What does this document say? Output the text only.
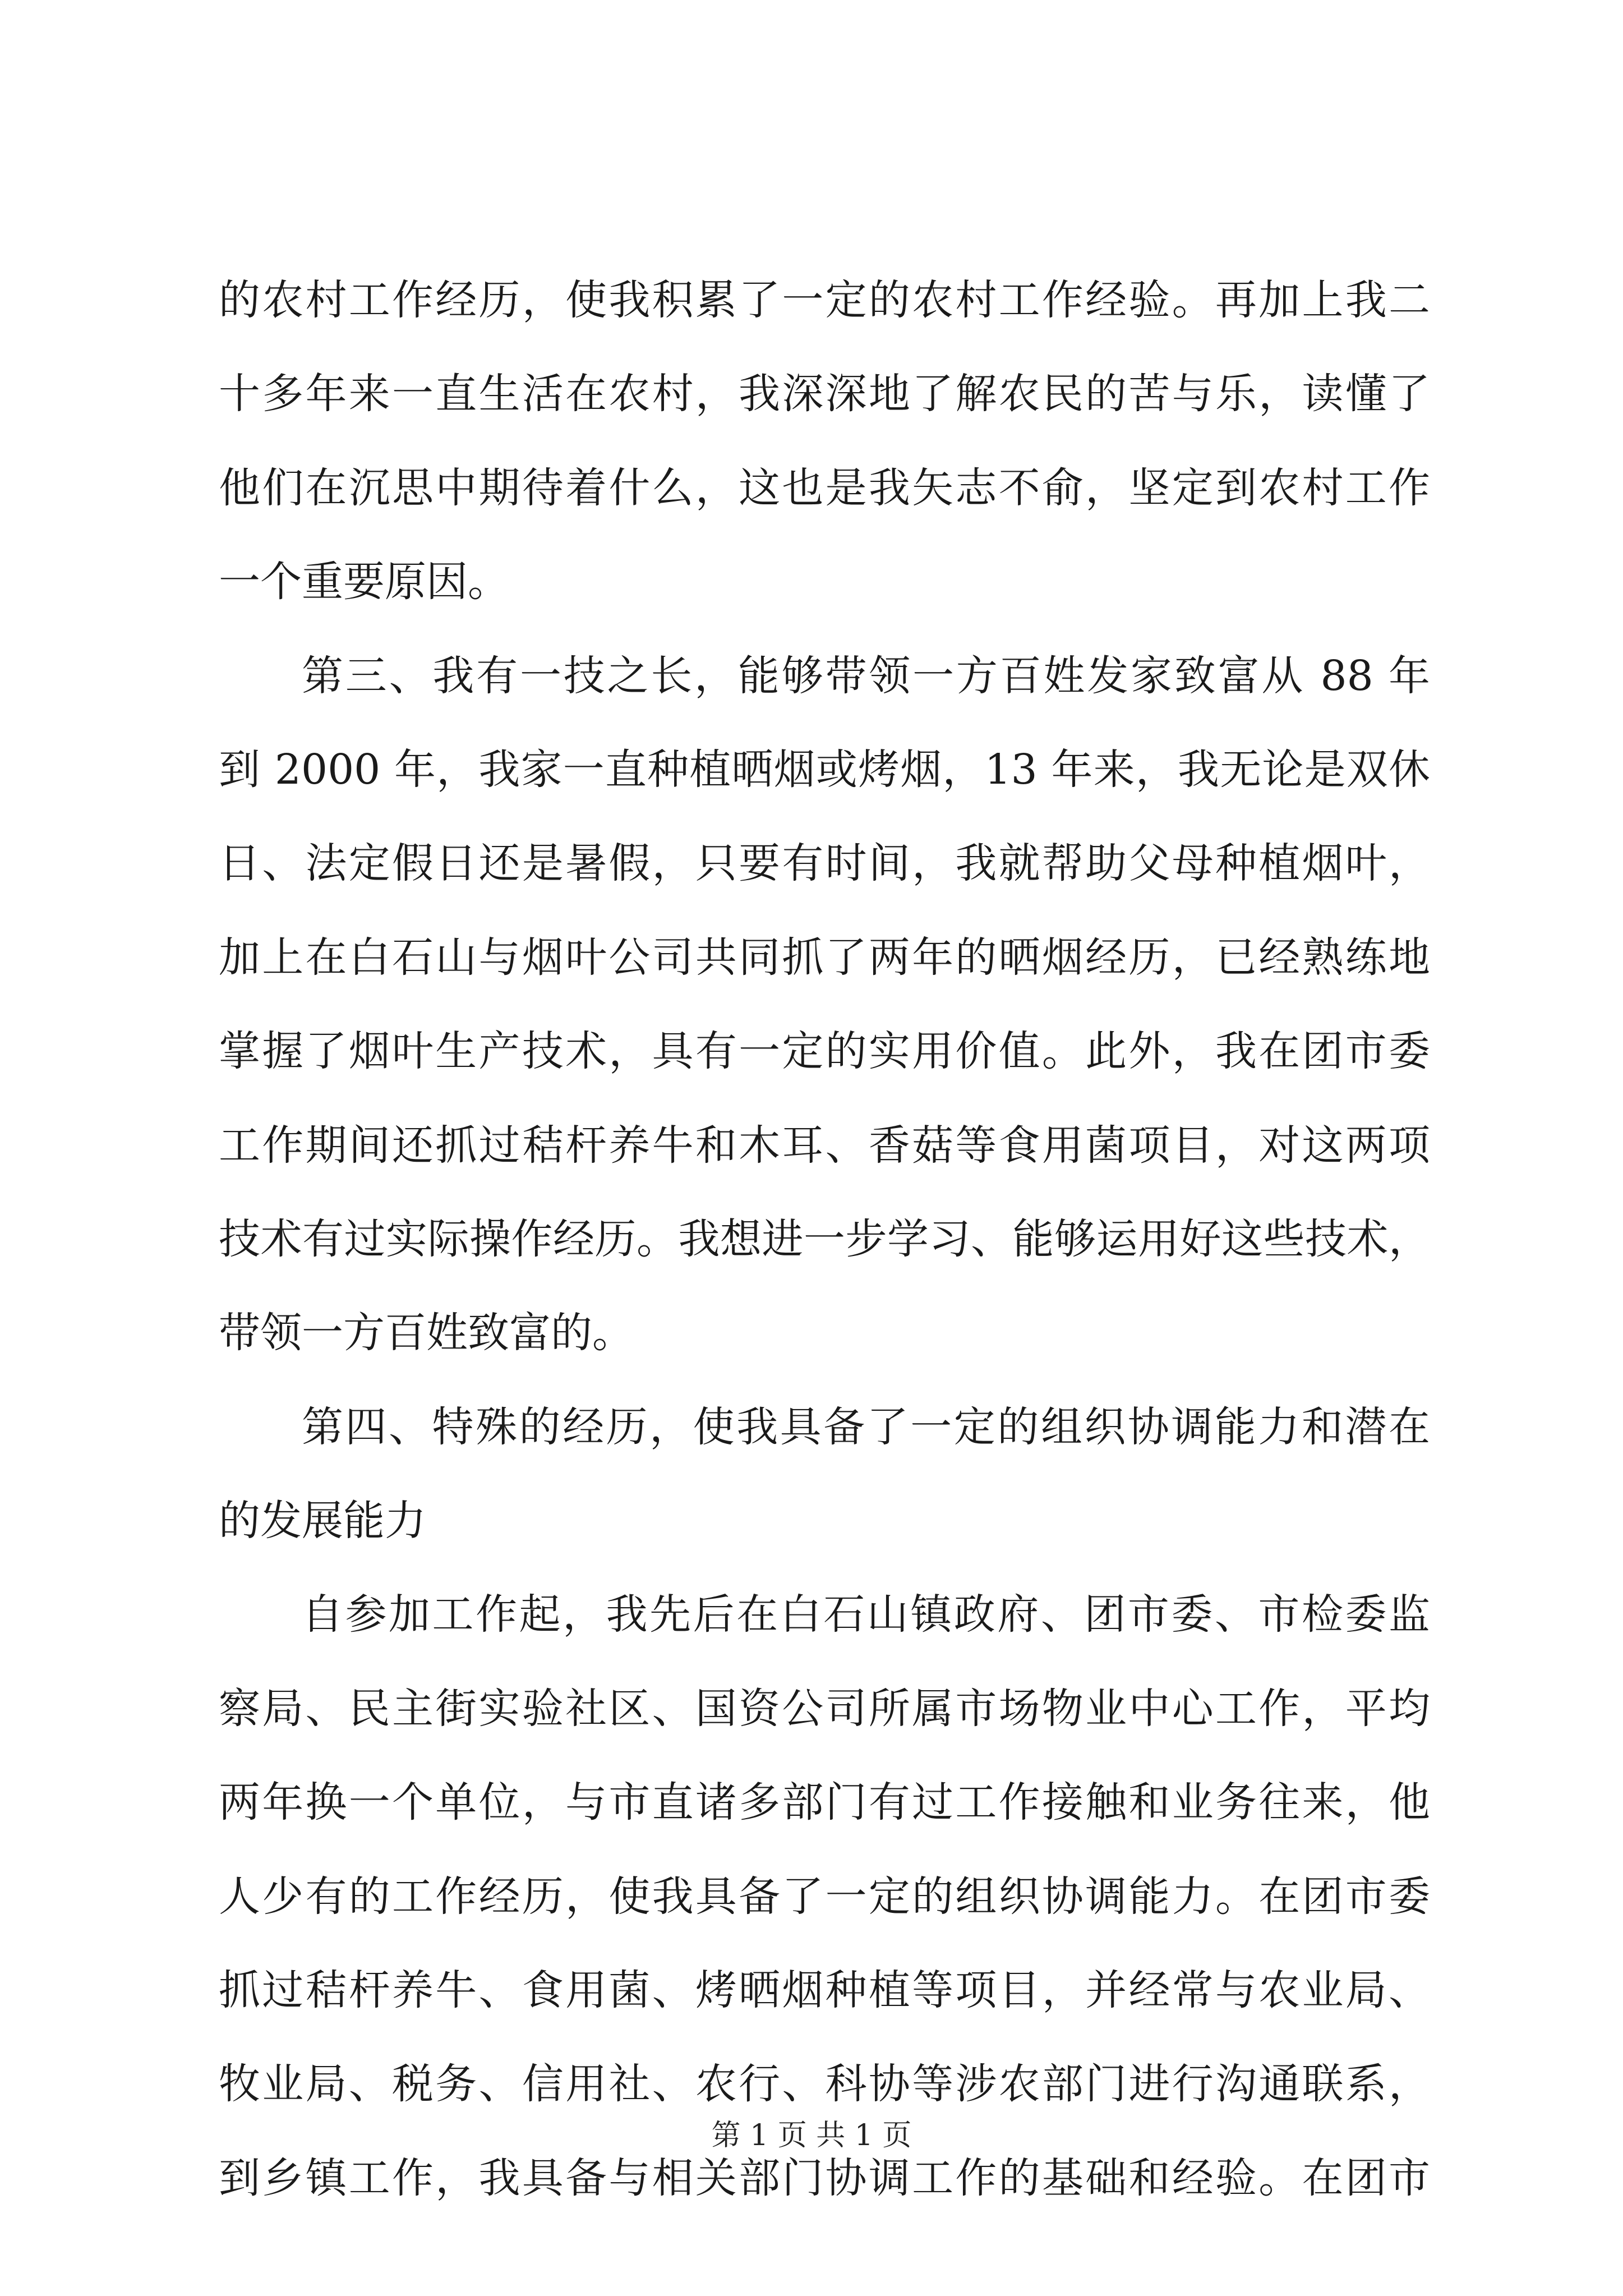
的农村工作经历，使我积累了一定的农村工作经验。再加上我二
十多年来一直生活在农村，我深深地了解农民的苦与乐，读懂了
他们在沉思中期待着什么，这也是我矢志不俞，坚定到农村工作
一个重要原因。
第三、我有一技之长，能够带领一方百姓发家致富从 88 年
到 2000 年，我家一直种植晒烟或烤烟，13 年来，我无论是双休
日、法定假日还是暑假，只要有时间，我就帮助父母种植烟叶，
加上在白石山与烟叶公司共同抓了两年的晒烟经历，已经熟练地
掌握了烟叶生产技术，具有一定的实用价值。此外，我在团市委
工作期间还抓过秸杆养牛和木耳、香菇等食用菌项目，对这两项
技术有过实际操作经历。我想进一步学习、能够运用好这些技术，
带领一方百姓致富的。
第四、特殊的经历，使我具备了一定的组织协调能力和潜在
的发展能力
自参加工作起，我先后在白石山镇政府、团市委、市检委监
察局、民主街实验社区、国资公司所属市场物业中心工作，平均
两年换一个单位，与市直诸多部门有过工作接触和业务往来，他
人少有的工作经历，使我具备了一定的组织协调能力。在团市委
抓过秸杆养牛、食用菌、烤晒烟种植等项目，并经常与农业局、
牧业局、税务、信用社、农行、科协等涉农部门进行沟通联系，
到乡镇工作，我具备与相关部门协调工作的基础和经验。在团市
第 1 页 共 1 页
